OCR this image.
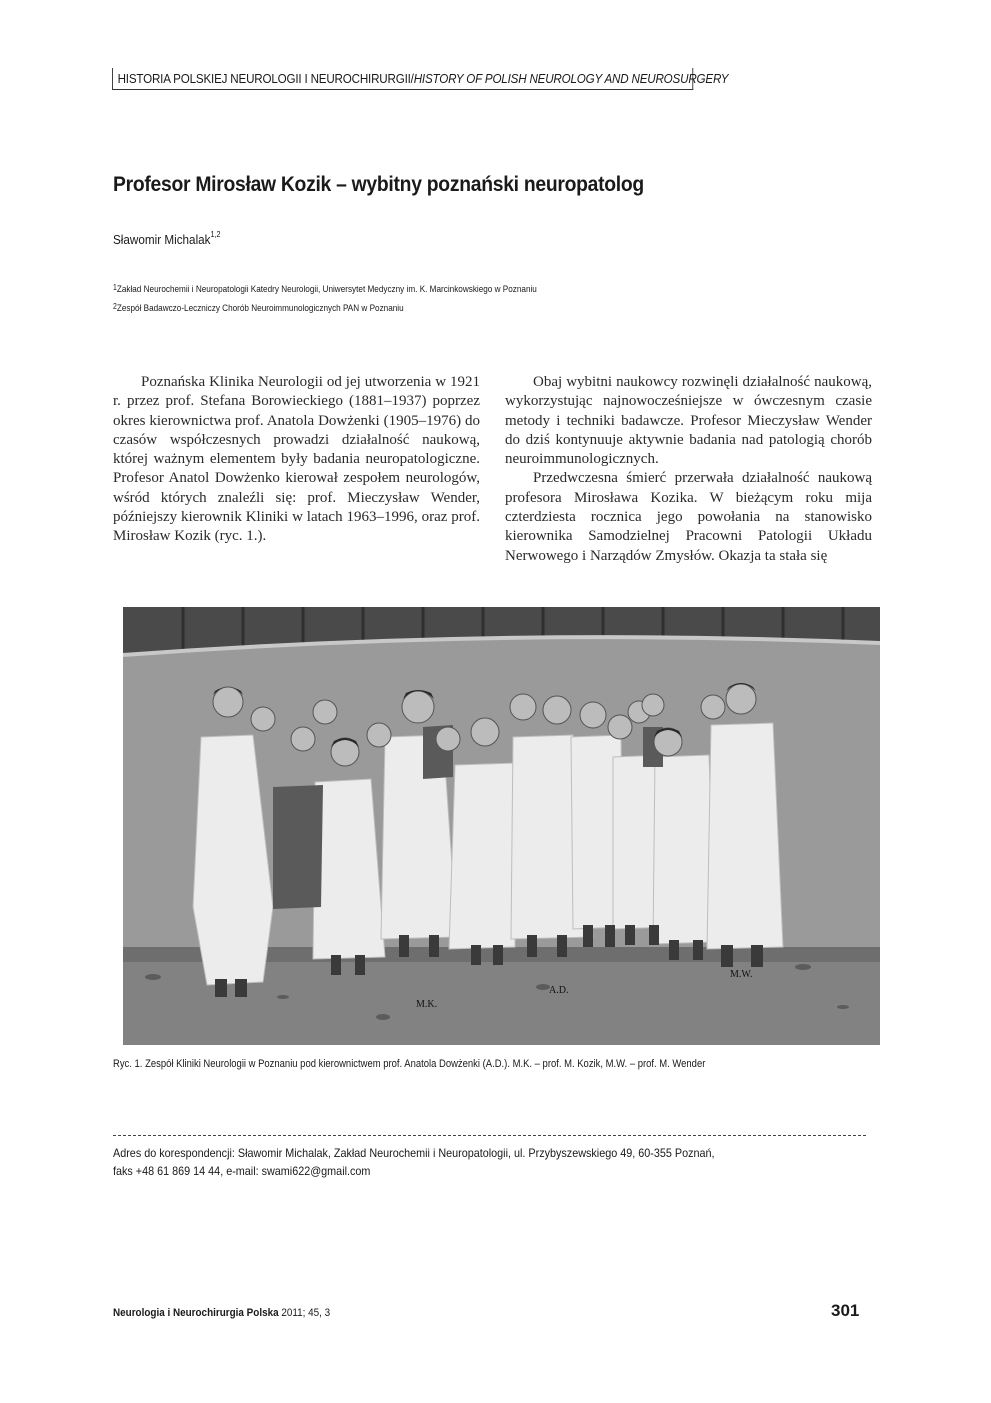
HISTORIA POLSKIEJ NEUROLOGII I NEUROCHIRURGII/HISTORY OF POLISH NEUROLOGY AND NEUROSURGERY
Profesor Mirosław Kozik – wybitny poznański neuropatolog
Sławomir Michalak$^{1,2}$
$^1$Zakład Neurochemii i Neuropatologii Katedry Neurologii, Uniwersytet Medyczny im. K. Marcinkowskiego w Poznaniu
$^2$Zespół Badawczo-Leczniczy Chorób Neuroimmunologicznych PAN w Poznaniu

Poznańska Klinika Neurologii od jej utworzenia w 1921 r. przez prof. Stefana Borowieckiego (1881–1937) poprzez okres kierownictwa prof. Anatola Dowżenki (1905–1976) do czasów współczesnych prowadzi działalność naukową, której ważnym elementem były badania neuropatologiczne. Profesor Anatol Dowżenko kierował zespołem neurologów, wśród których znaleźli się: prof. Mieczysław Wender, późniejszy kierownik Kliniki w latach 1963–1996, oraz prof. Mirosław Kozik (ryc. 1.).

Obaj wybitni naukowcy rozwinęli działalność naukową, wykorzystując najnowocześniejsze w ówczesnym czasie metody i techniki badawcze. Profesor Mieczysław Wender do dziś kontynuuje aktywnie badania nad patologią chorób neuroimmunologicznych.

Przedwczesna śmierć przerwała działalność naukową profesora Mirosława Kozika. W bieżącym roku mija czterdziesta rocznica jego powołania na stanowisko kierownika Samodzielnej Pracowni Patologii Układu Nerwowego i Narządów Zmysłów. Okazja ta stała się

M.K.
A.D.
M.W.
Ryc. 1. Zespół Kliniki Neurologii w Poznaniu pod kierownictwem prof. Anatola Dowżenki (A.D.). M.K. – prof. M. Kozik, M.W. – prof. M. Wender
Adres do korespondencji: Sławomir Michalak, Zakład Neurochemii i Neuropatologii, ul. Przybyszewskiego 49, 60-355 Poznań,
faks +48 61 869 14 44, e-mail: swami622@gmail.com
Neurologia i Neurochirurgia Polska 2011; 45, 3	301
